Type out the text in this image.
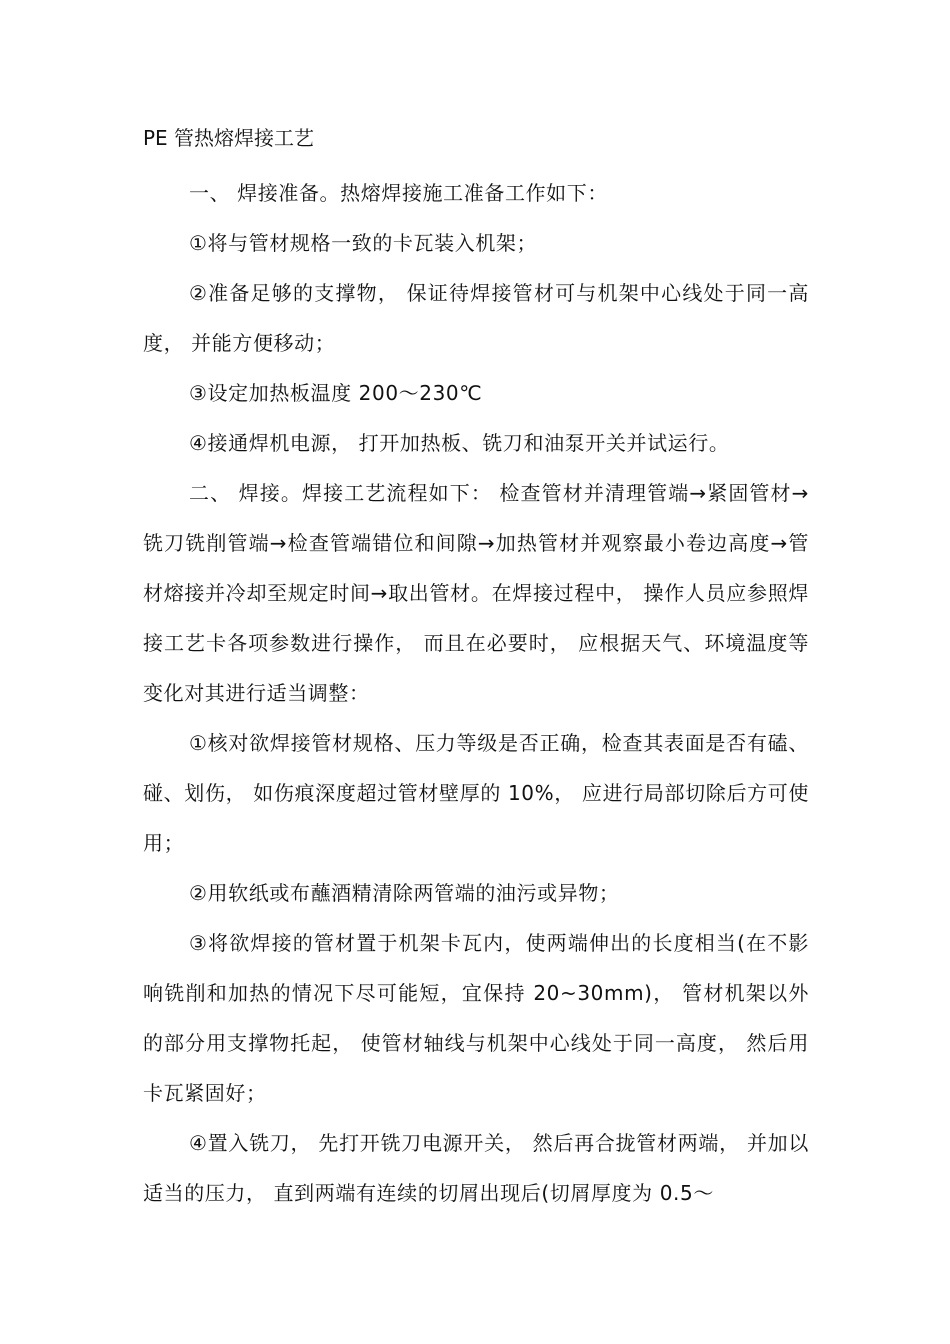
PE 管热熔焊接工艺

一、 焊接准备。热熔焊接施工准备工作如下：

①将与管材规格一致的卡瓦装入机架；

②准备足够的支撑物， 保证待焊接管材可与机架中心线处于同一高度， 并能方便移动；

③设定加热板温度 200～230℃

④接通焊机电源， 打开加热板、铣刀和油泵开关并试运行。

二、 焊接。焊接工艺流程如下： 检查管材并清理管端→紧固管材→铣刀铣削管端→检查管端错位和间隙→加热管材并观察最小卷边高度→管材熔接并冷却至规定时间→取出管材。在焊接过程中， 操作人员应参照焊接工艺卡各项参数进行操作， 而且在必要时， 应根据天气、环境温度等变化对其进行适当调整：

①核对欲焊接管材规格、压力等级是否正确，检查其表面是否有磕、碰、划伤， 如伤痕深度超过管材壁厚的 10%， 应进行局部切除后方可使用；

②用软纸或布蘸酒精清除两管端的油污或异物；

③将欲焊接的管材置于机架卡瓦内，使两端伸出的长度相当(在不影响铣削和加热的情况下尽可能短，宜保持 20~30mm)， 管材机架以外的部分用支撑物托起， 使管材轴线与机架中心线处于同一高度， 然后用卡瓦紧固好；

④置入铣刀， 先打开铣刀电源开关， 然后再合拢管材两端， 并加以适当的压力， 直到两端有连续的切屑出现后(切屑厚度为 0.5～
